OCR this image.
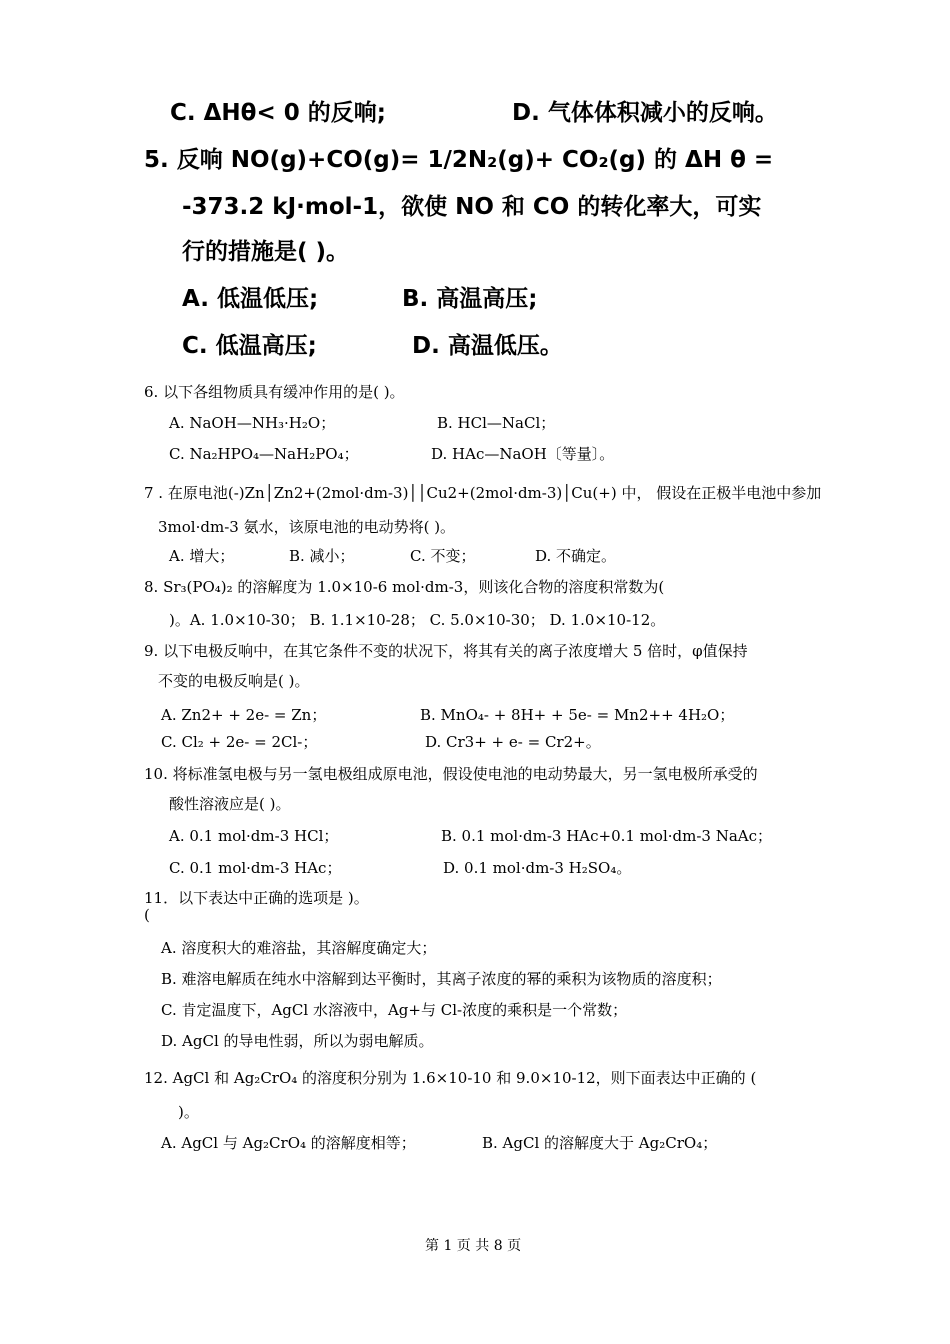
C. ΔHθ< 0 的反响;	D. 气体体积减小的反响。
5. 反响 NO(g)+CO(g)= 1/2N₂(g)+ CO₂(g) 的 ΔH θ =
-373.2 kJ·mol-1，欲使 NO 和 CO 的转化率大，可实
行的措施是( )。
A. 低温低压;	B. 高温高压;
C. 低温高压;	D. 高温低压。
6. 以下各组物质具有缓冲作用的是( )。
A. NaOH—NH₃·H₂O；	B. HCl—NaCl；
C. Na₂HPO₄—NaH₂PO₄；	D. HAc—NaOH〔等量〕。
7 . 在原电池(-)Zn│Zn2+(2mol·dm-3)││Cu2+(2mol·dm-3)│Cu(+) 中， 假设在正极半电池中参加
3mol·dm-3 氨水，该原电池的电动势将( )。
A. 增大；	B. 减小；	C. 不变；	D. 不确定。
8. Sr₃(PO₄)₂ 的溶解度为 1.0×10-6 mol·dm-3，则该化合物的溶度积常数为(
)。A. 1.0×10-30； B. 1.1×10-28； C. 5.0×10-30； D. 1.0×10-12。
9. 以下电极反响中，在其它条件不变的状况下，将其有关的离子浓度增大 5 倍时，φ值保持
不变的电极反响是( )。
A. Zn2+ + 2e- = Zn；	B. MnO₄- + 8H+ + 5e- = Mn2++ 4H₂O；
C. Cl₂ + 2e- = 2Cl-；	D. Cr3+ + e- = Cr2+。
10. 将标准氢电极与另一氢电极组成原电池，假设使电池的电动势最大，另一氢电极所承受的
酸性溶液应是( )。
A. 0.1 mol·dm-3 HCl；	B. 0.1 mol·dm-3 HAc+0.1 mol·dm-3 NaAc；
C. 0.1 mol·dm-3 HAc；	D. 0.1 mol·dm-3 H₂SO₄。
11．以下表达中正确的选项是 )。
(
A. 溶度积大的难溶盐，其溶解度确定大；
B. 难溶电解质在纯水中溶解到达平衡时，其离子浓度的幂的乘积为该物质的溶度积；
C. 肯定温度下，AgCl 水溶液中，Ag+与 Cl-浓度的乘积是一个常数；
D. AgCl 的导电性弱，所以为弱电解质。
12. AgCl 和 Ag₂CrO₄ 的溶度积分别为 1.6×10-10 和 9.0×10-12，则下面表达中正确的 (
)。
A. AgCl 与 Ag₂CrO₄ 的溶解度相等；	B. AgCl 的溶解度大于 Ag₂CrO₄；
第 1 页 共 8 页
